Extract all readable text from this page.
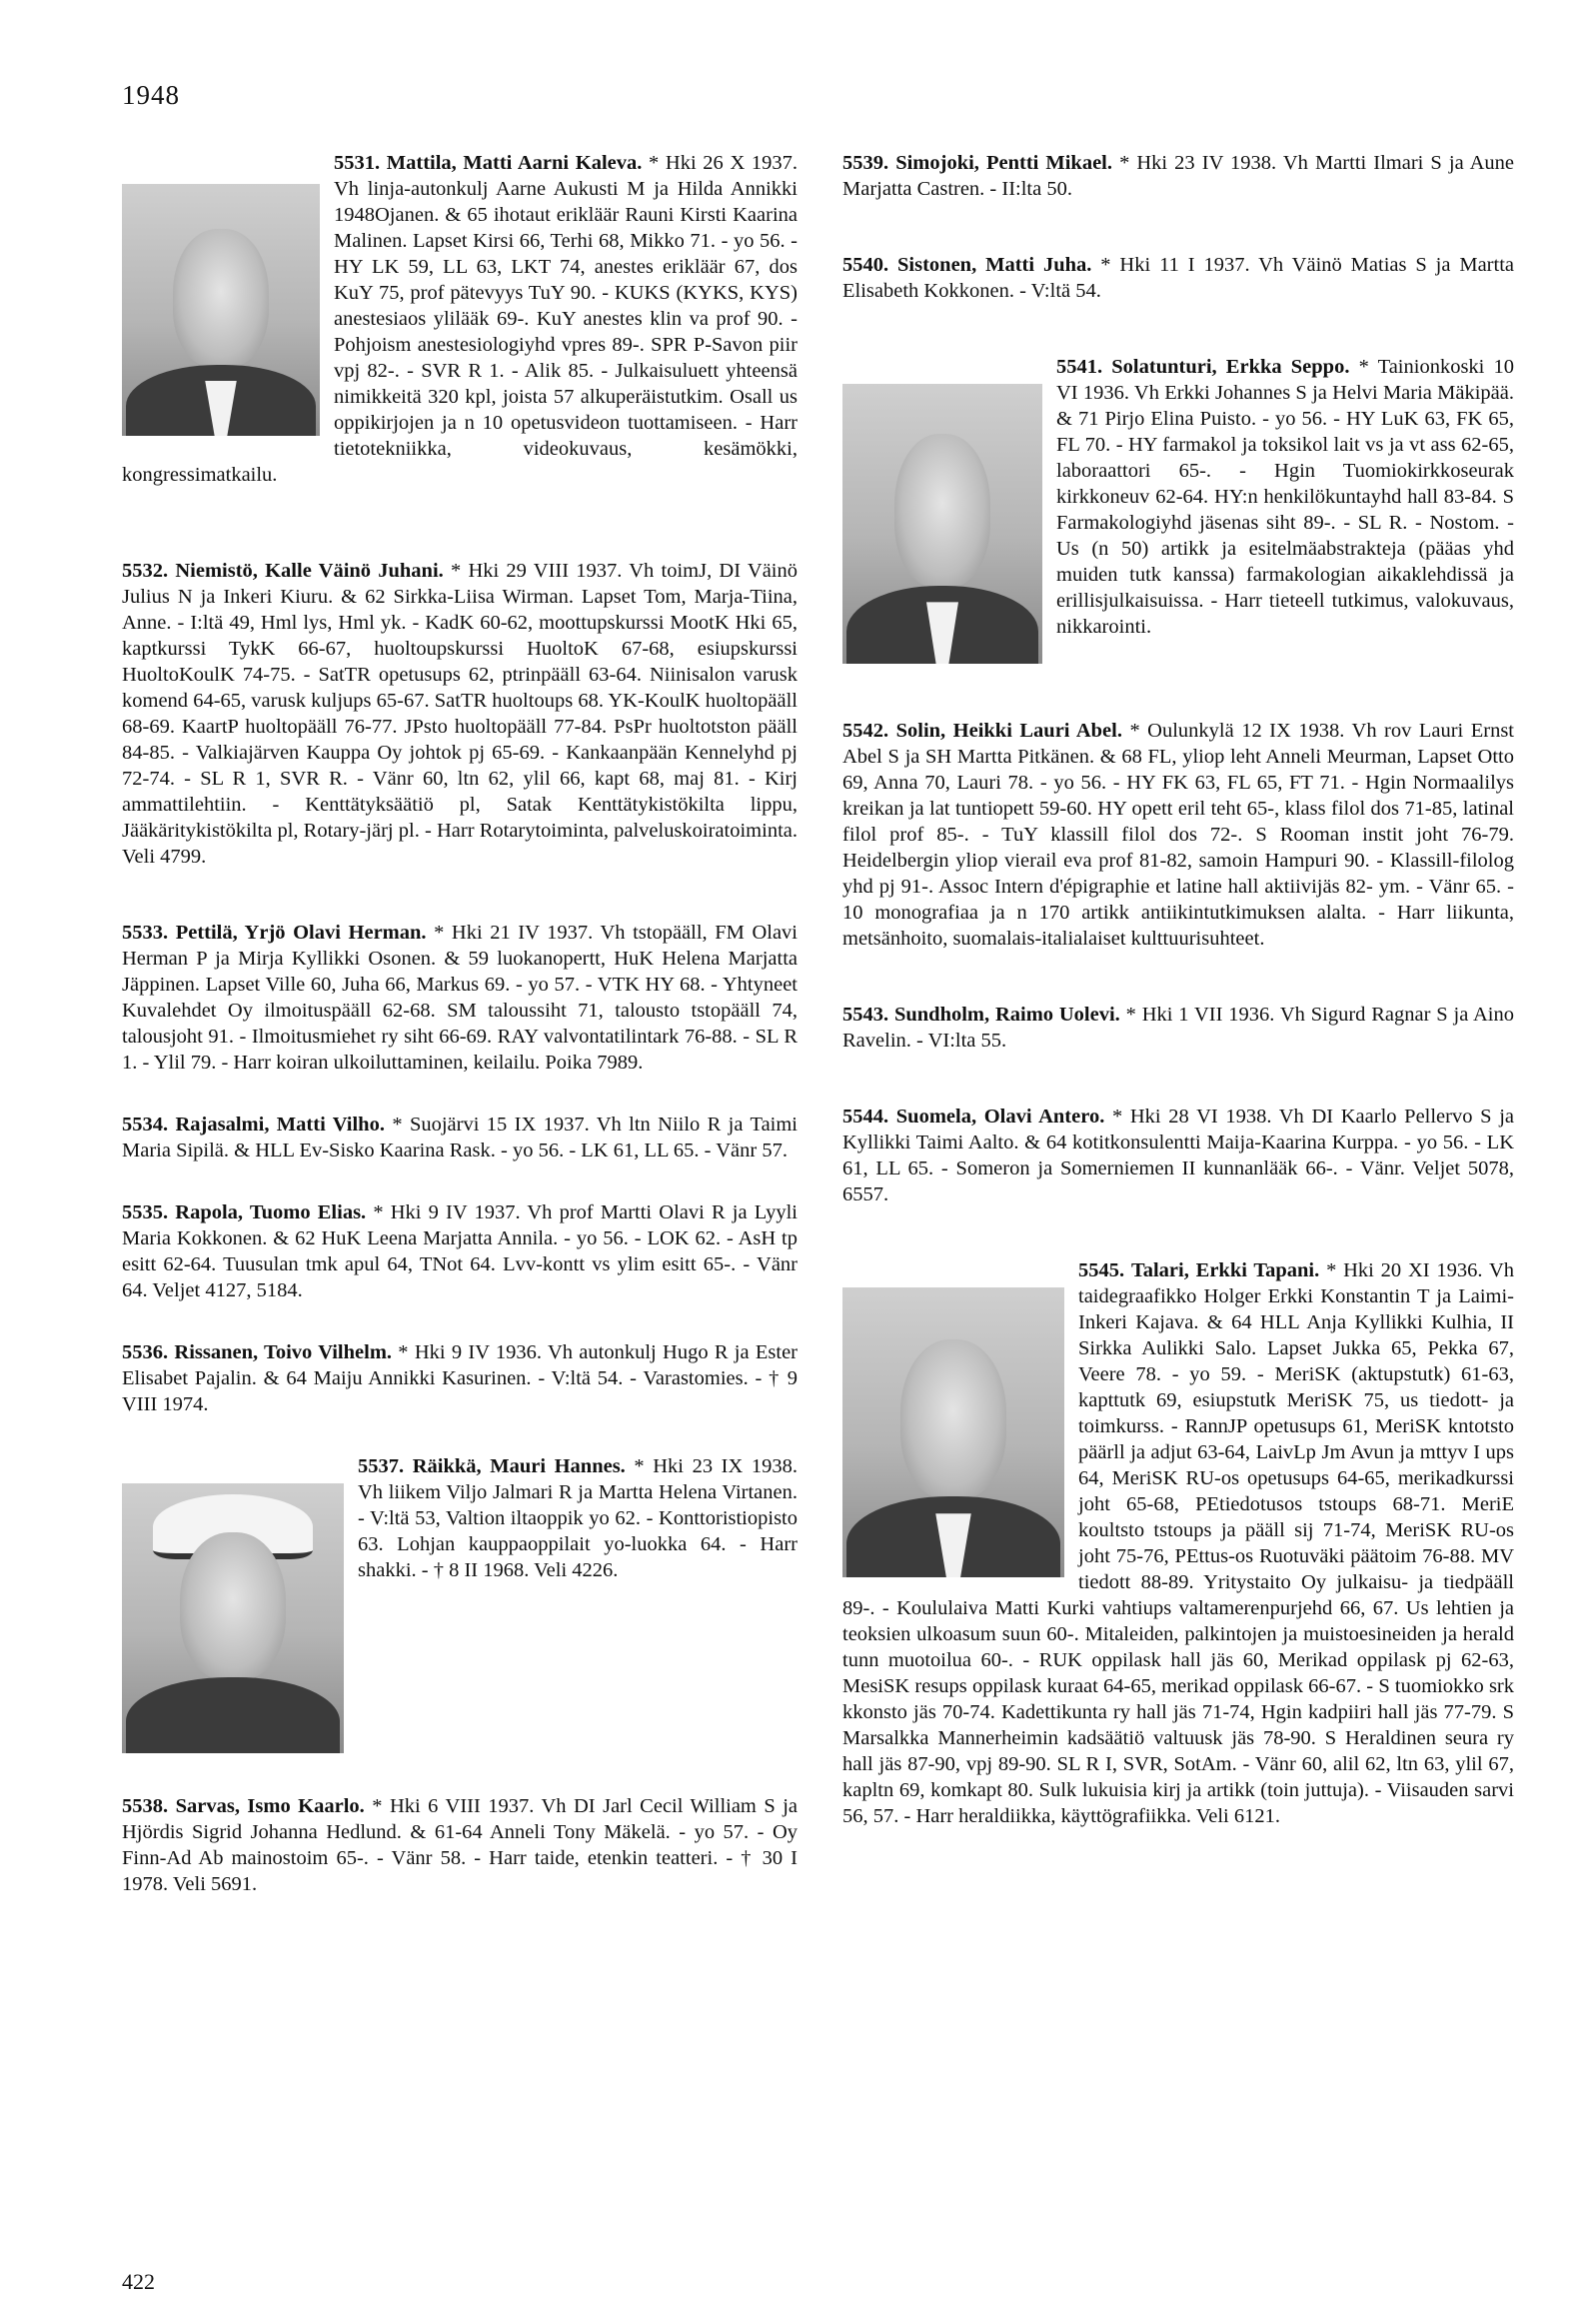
1948

5531. Mattila, Matti Aarni Kaleva. * Hki 26 X 1937. Vh linja-autonkulj Aarne Aukusti M ja Hilda Annikki 1948Ojanen. & 65 ihotaut erikläär Rauni Kirsti Kaarina Malinen. Lapset Kirsi 66, Terhi 68, Mikko 71. - yo 56. - HY LK 59, LL 63, LKT 74, anestes erikläär 67, dos KuY 75, prof pätevyys TuY 90. - KUKS (KYKS, KYS) anestesiaos ylilääk 69-. KuY anestes klin va prof 90. - Pohjoism anestesiologiyhd vpres 89-. SPR P-Savon piir vpj 82-. - SVR R 1. - Alik 85. - Julkaisuluett yhteensä nimikkeitä 320 kpl, joista 57 alkuperäistutkim. Osall us oppikirjojen ja n 10 opetusvideon tuottamiseen. - Harr tietotekniikka, videokuvaus, kesämökki, kongressimatkailu.

5532. Niemistö, Kalle Väinö Juhani. * Hki 29 VIII 1937. Vh toimJ, DI Väinö Julius N ja Inkeri Kiuru. & 62 Sirkka-Liisa Wirman. Lapset Tom, Marja-Tiina, Anne. - I:ltä 49, Hml lys, Hml yk. - KadK 60-62, moottupskurssi MootK Hki 65, kaptkurssi TykK 66-67, huoltoupskurssi HuoltoK 67-68, esiupskurssi HuoltoKoulK 74-75. - SatTR opetusups 62, ptrinpääll 63-64. Niinisalon varusk komend 64-65, varusk kuljups 65-67. SatTR huoltoups 68. YK-KoulK huoltopääll 68-69. KaartP huoltopääll 76-77. JPsto huoltopääll 77-84. PsPr huoltotston pääll 84-85. - Valkiajärven Kauppa Oy johtok pj 65-69. - Kankaanpään Kennelyhd pj 72-74. - SL R 1, SVR R. - Vänr 60, ltn 62, ylil 66, kapt 68, maj 81. - Kirj ammattilehtiin. - Kenttätyksäätiö pl, Satak Kenttätykistökilta lippu, Jääkäritykistökilta pl, Rotary-järj pl. - Harr Rotarytoiminta, palveluskoiratoiminta. Veli 4799.

5533. Pettilä, Yrjö Olavi Herman. * Hki 21 IV 1937. Vh tstopääll, FM Olavi Herman P ja Mirja Kyllikki Osonen. & 59 luokanopertt, HuK Helena Marjatta Jäppinen. Lapset Ville 60, Juha 66, Markus 69. - yo 57. - VTK HY 68. - Yhtyneet Kuvalehdet Oy ilmoituspääll 62-68. SM taloussiht 71, talousto tstopääll 74, talousjoht 91. - Ilmoitusmiehet ry siht 66-69. RAY valvontatilintark 76-88. - SL R 1. - Ylil 79. - Harr koiran ulkoiluttaminen, keilailu. Poika 7989.

5534. Rajasalmi, Matti Vilho. * Suojärvi 15 IX 1937. Vh ltn Niilo R ja Taimi Maria Sipilä. & HLL Ev-Sisko Kaarina Rask. - yo 56. - LK 61, LL 65. - Vänr 57.

5535. Rapola, Tuomo Elias. * Hki 9 IV 1937. Vh prof Martti Olavi R ja Lyyli Maria Kokkonen. & 62 HuK Leena Marjatta Annila. - yo 56. - LOK 62. - AsH tp esitt 62-64. Tuusulan tmk apul 64, TNot 64. Lvv-kontt vs ylim esitt 65-. - Vänr 64. Veljet 4127, 5184.

5536. Rissanen, Toivo Vilhelm. * Hki 9 IV 1936. Vh autonkulj Hugo R ja Ester Elisabet Pajalin. & 64 Maiju Annikki Kasurinen. - V:ltä 54. - Varastomies. - † 9 VIII 1974.

5537. Räikkä, Mauri Hannes. * Hki 23 IX 1938. Vh liikem Viljo Jalmari R ja Martta Helena Virtanen. - V:ltä 53, Valtion iltaoppik yo 62. - Konttoristiopisto 63. Lohjan kauppaoppilait yo-luokka 64. - Harr shakki. - † 8 II 1968. Veli 4226.

5538. Sarvas, Ismo Kaarlo. * Hki 6 VIII 1937. Vh DI Jarl Cecil William S ja Hjördis Sigrid Johanna Hedlund. & 61-64 Anneli Tony Mäkelä. - yo 57. - Oy Finn-Ad Ab mainostoim 65-. - Vänr 58. - Harr taide, etenkin teatteri. - † 30 I 1978. Veli 5691.

5539. Simojoki, Pentti Mikael. * Hki 23 IV 1938. Vh Martti Ilmari S ja Aune Marjatta Castren. - II:lta 50.

5540. Sistonen, Matti Juha. * Hki 11 I 1937. Vh Väinö Matias S ja Martta Elisabeth Kokkonen. - V:ltä 54.

5541. Solatunturi, Erkka Seppo. * Tainionkoski 10 VI 1936. Vh Erkki Johannes S ja Helvi Maria Mäkipää. & 71 Pirjo Elina Puisto. - yo 56. - HY LuK 63, FK 65, FL 70. - HY farmakol ja toksikol lait vs ja vt ass 62-65, laboraattori 65-. - Hgin Tuomiokirkkoseurak kirkkoneuv 62-64. HY:n henkilökuntayhd hall 83-84. S Farmakologiyhd jäsenas siht 89-. - SL R. - Nostom. - Us (n 50) artikk ja esitelmäabstrakteja (pääas yhd muiden tutk kanssa) farmakologian aikaklehdissä ja erillisjulkaisuissa. - Harr tieteell tutkimus, valokuvaus, nikkarointi.

5542. Solin, Heikki Lauri Abel. * Oulunkylä 12 IX 1938. Vh rov Lauri Ernst Abel S ja SH Martta Pitkänen. & 68 FL, yliop leht Anneli Meurman, Lapset Otto 69, Anna 70, Lauri 78. - yo 56. - HY FK 63, FL 65, FT 71. - Hgin Normaalilys kreikan ja lat tuntiopett 59-60. HY opett eril teht 65-, klass filol dos 71-85, latinal filol prof 85-. - TuY klassill filol dos 72-. S Rooman instit joht 76-79. Heidelbergin yliop vierail eva prof 81-82, samoin Hampuri 90. - Klassill-filolog yhd pj 91-. Assoc Intern d'épigraphie et latine hall aktiivijäs 82- ym. - Vänr 65. - 10 monografiaa ja n 170 artikk antiikintutkimuksen alalta. - Harr liikunta, metsänhoito, suomalais-italialaiset kulttuurisuhteet.

5543. Sundholm, Raimo Uolevi. * Hki 1 VII 1936. Vh Sigurd Ragnar S ja Aino Ravelin. - VI:lta 55.

5544. Suomela, Olavi Antero. * Hki 28 VI 1938. Vh DI Kaarlo Pellervo S ja Kyllikki Taimi Aalto. & 64 kotitkonsulentti Maija-Kaarina Kurppa. - yo 56. - LK 61, LL 65. - Someron ja Somerniemen II kunnanlääk 66-. - Vänr. Veljet 5078, 6557.

5545. Talari, Erkki Tapani. * Hki 20 XI 1936. Vh taidegraafikko Holger Erkki Konstantin T ja Laimi-Inkeri Kajava. & 64 HLL Anja Kyllikki Kulhia, II Sirkka Aulikki Salo. Lapset Jukka 65, Pekka 67, Veere 78. - yo 59. - MeriSK (aktupstutk) 61-63, kapttutk 69, esiupstutk MeriSK 75, us tiedott- ja toimkurss. - RannJP opetusups 61, MeriSK kntotsto päärll ja adjut 63-64, LaivLp Jm Avun ja mttyv I ups 64, MeriSK RU-os opetusups 64-65, merikadkurssi joht 65-68, PEtiedotusos tstoups 68-71. MeriE koultsto tstoups ja pääll sij 71-74, MeriSK RU-os joht 75-76, PEttus-os Ruotuväki päätoim 76-88. MV tiedott 88-89. Yritystaito Oy julkaisu- ja tiedpääll 89-. - Koululaiva Matti Kurki vahtiups valtamerenpurjehd 66, 67. Us lehtien ja teoksien ulkoasum suun 60-. Mitaleiden, palkintojen ja muistoesineiden ja herald tunn muotoilua 60-. - RUK oppilask hall jäs 60, Merikad oppilask pj 62-63, MesiSK resups oppilask kuraat 64-65, merikad oppilask 66-67. - S tuomiokko srk kkonsto jäs 70-74. Kadettikunta ry hall jäs 71-74, Hgin kadpiiri hall jäs 77-79. S Marsalkka Mannerheimin kadsäätiö valtuusk jäs 78-90. S Heraldinen seura ry hall jäs 87-90, vpj 89-90. SL R I, SVR, SotAm. - Vänr 60, alil 62, ltn 63, ylil 67, kapltn 69, komkapt 80. Sulk lukuisia kirj ja artikk (toin juttuja). - Viisauden sarvi 56, 57. - Harr heraldiikka, käyttögrafiikka. Veli 6121.

422
